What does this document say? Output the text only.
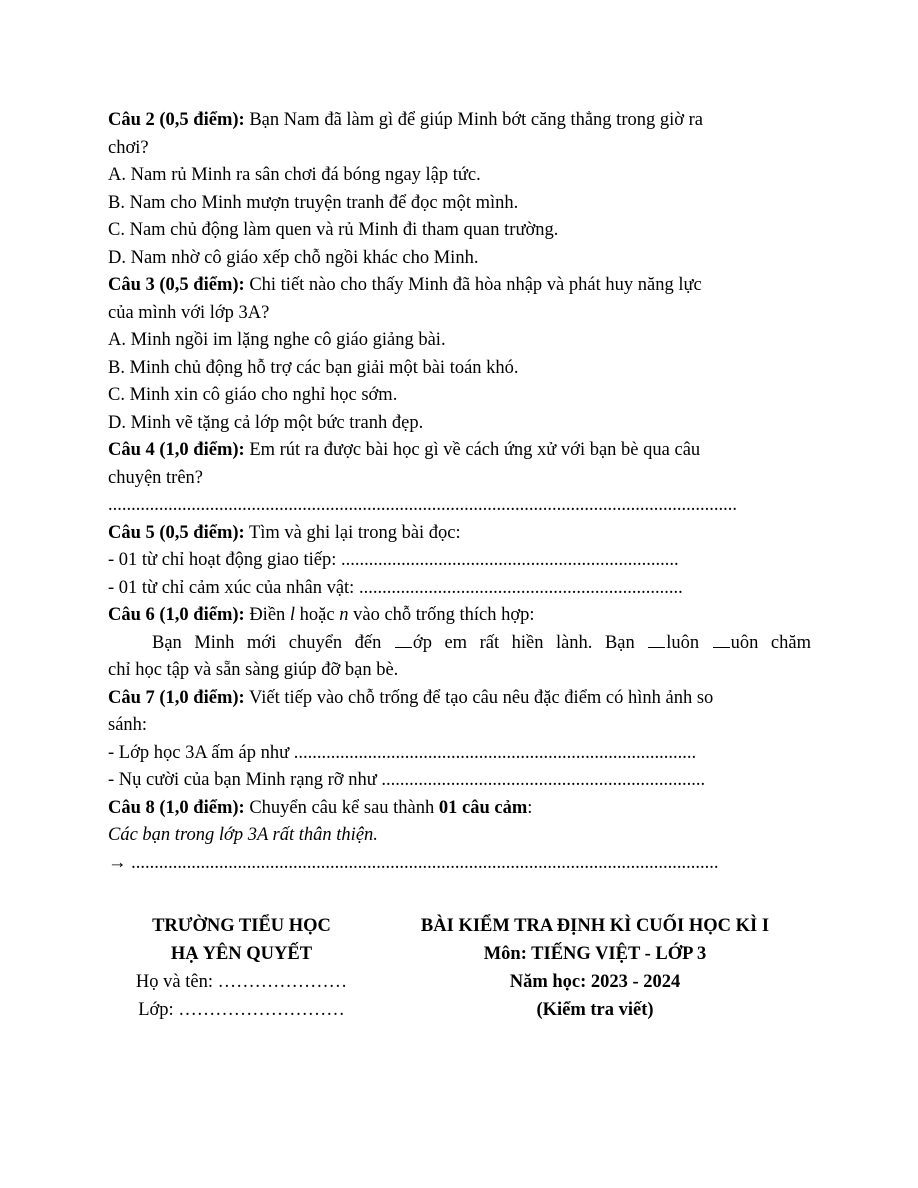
Câu 2 (0,5 điểm): Bạn Nam đã làm gì để giúp Minh bớt căng thẳng trong giờ ra
chơi?
A. Nam rủ Minh ra sân chơi đá bóng ngay lập tức.
B. Nam cho Minh mượn truyện tranh để đọc một mình.
C. Nam chủ động làm quen và rủ Minh đi tham quan trường.
D. Nam nhờ cô giáo xếp chỗ ngồi khác cho Minh.
Câu 3 (0,5 điểm): Chi tiết nào cho thấy Minh đã hòa nhập và phát huy năng lực
của mình với lớp 3A?
A. Minh ngồi im lặng nghe cô giáo giảng bài.
B. Minh chủ động hỗ trợ các bạn giải một bài toán khó.
C. Minh xin cô giáo cho nghỉ học sớm.
D. Minh vẽ tặng cả lớp một bức tranh đẹp.
Câu 4 (1,0 điểm): Em rút ra được bài học gì về cách ứng xử với bạn bè qua câu
chuyện trên?
........................................................................................................................................
Câu 5 (0,5 điểm): Tìm và ghi lại trong bài đọc:
- 01 từ chỉ hoạt động giao tiếp: .........................................................................
- 01 từ chỉ cảm xúc của nhân vật: ......................................................................
Câu 6 (1,0 điểm): Điền l hoặc n vào chỗ trống thích hợp:
Bạn Minh mới chuyển đến ớp em rất hiền lành. Bạn luôn uôn chăm
chỉ học tập và sẵn sàng giúp đỡ bạn bè.
Câu 7 (1,0 điểm): Viết tiếp vào chỗ trống để tạo câu nêu đặc điểm có hình ảnh so
sánh:
- Lớp học 3A ấm áp như .......................................................................................
- Nụ cười của bạn Minh rạng rỡ như ......................................................................
Câu 8 (1,0 điểm): Chuyển câu kể sau thành 01 câu cảm:
Các bạn trong lớp 3A rất thân thiện.
→ ...............................................................................................................................
TRƯỜNG TIỂU HỌC
HẠ YÊN QUYẾT
Họ và tên: …………………
Lớp: ………………………
BÀI KIỂM TRA ĐỊNH KÌ CUỐI HỌC KÌ I
Môn: TIẾNG VIỆT - LỚP 3
Năm học: 2023 - 2024
(Kiểm tra viết)
